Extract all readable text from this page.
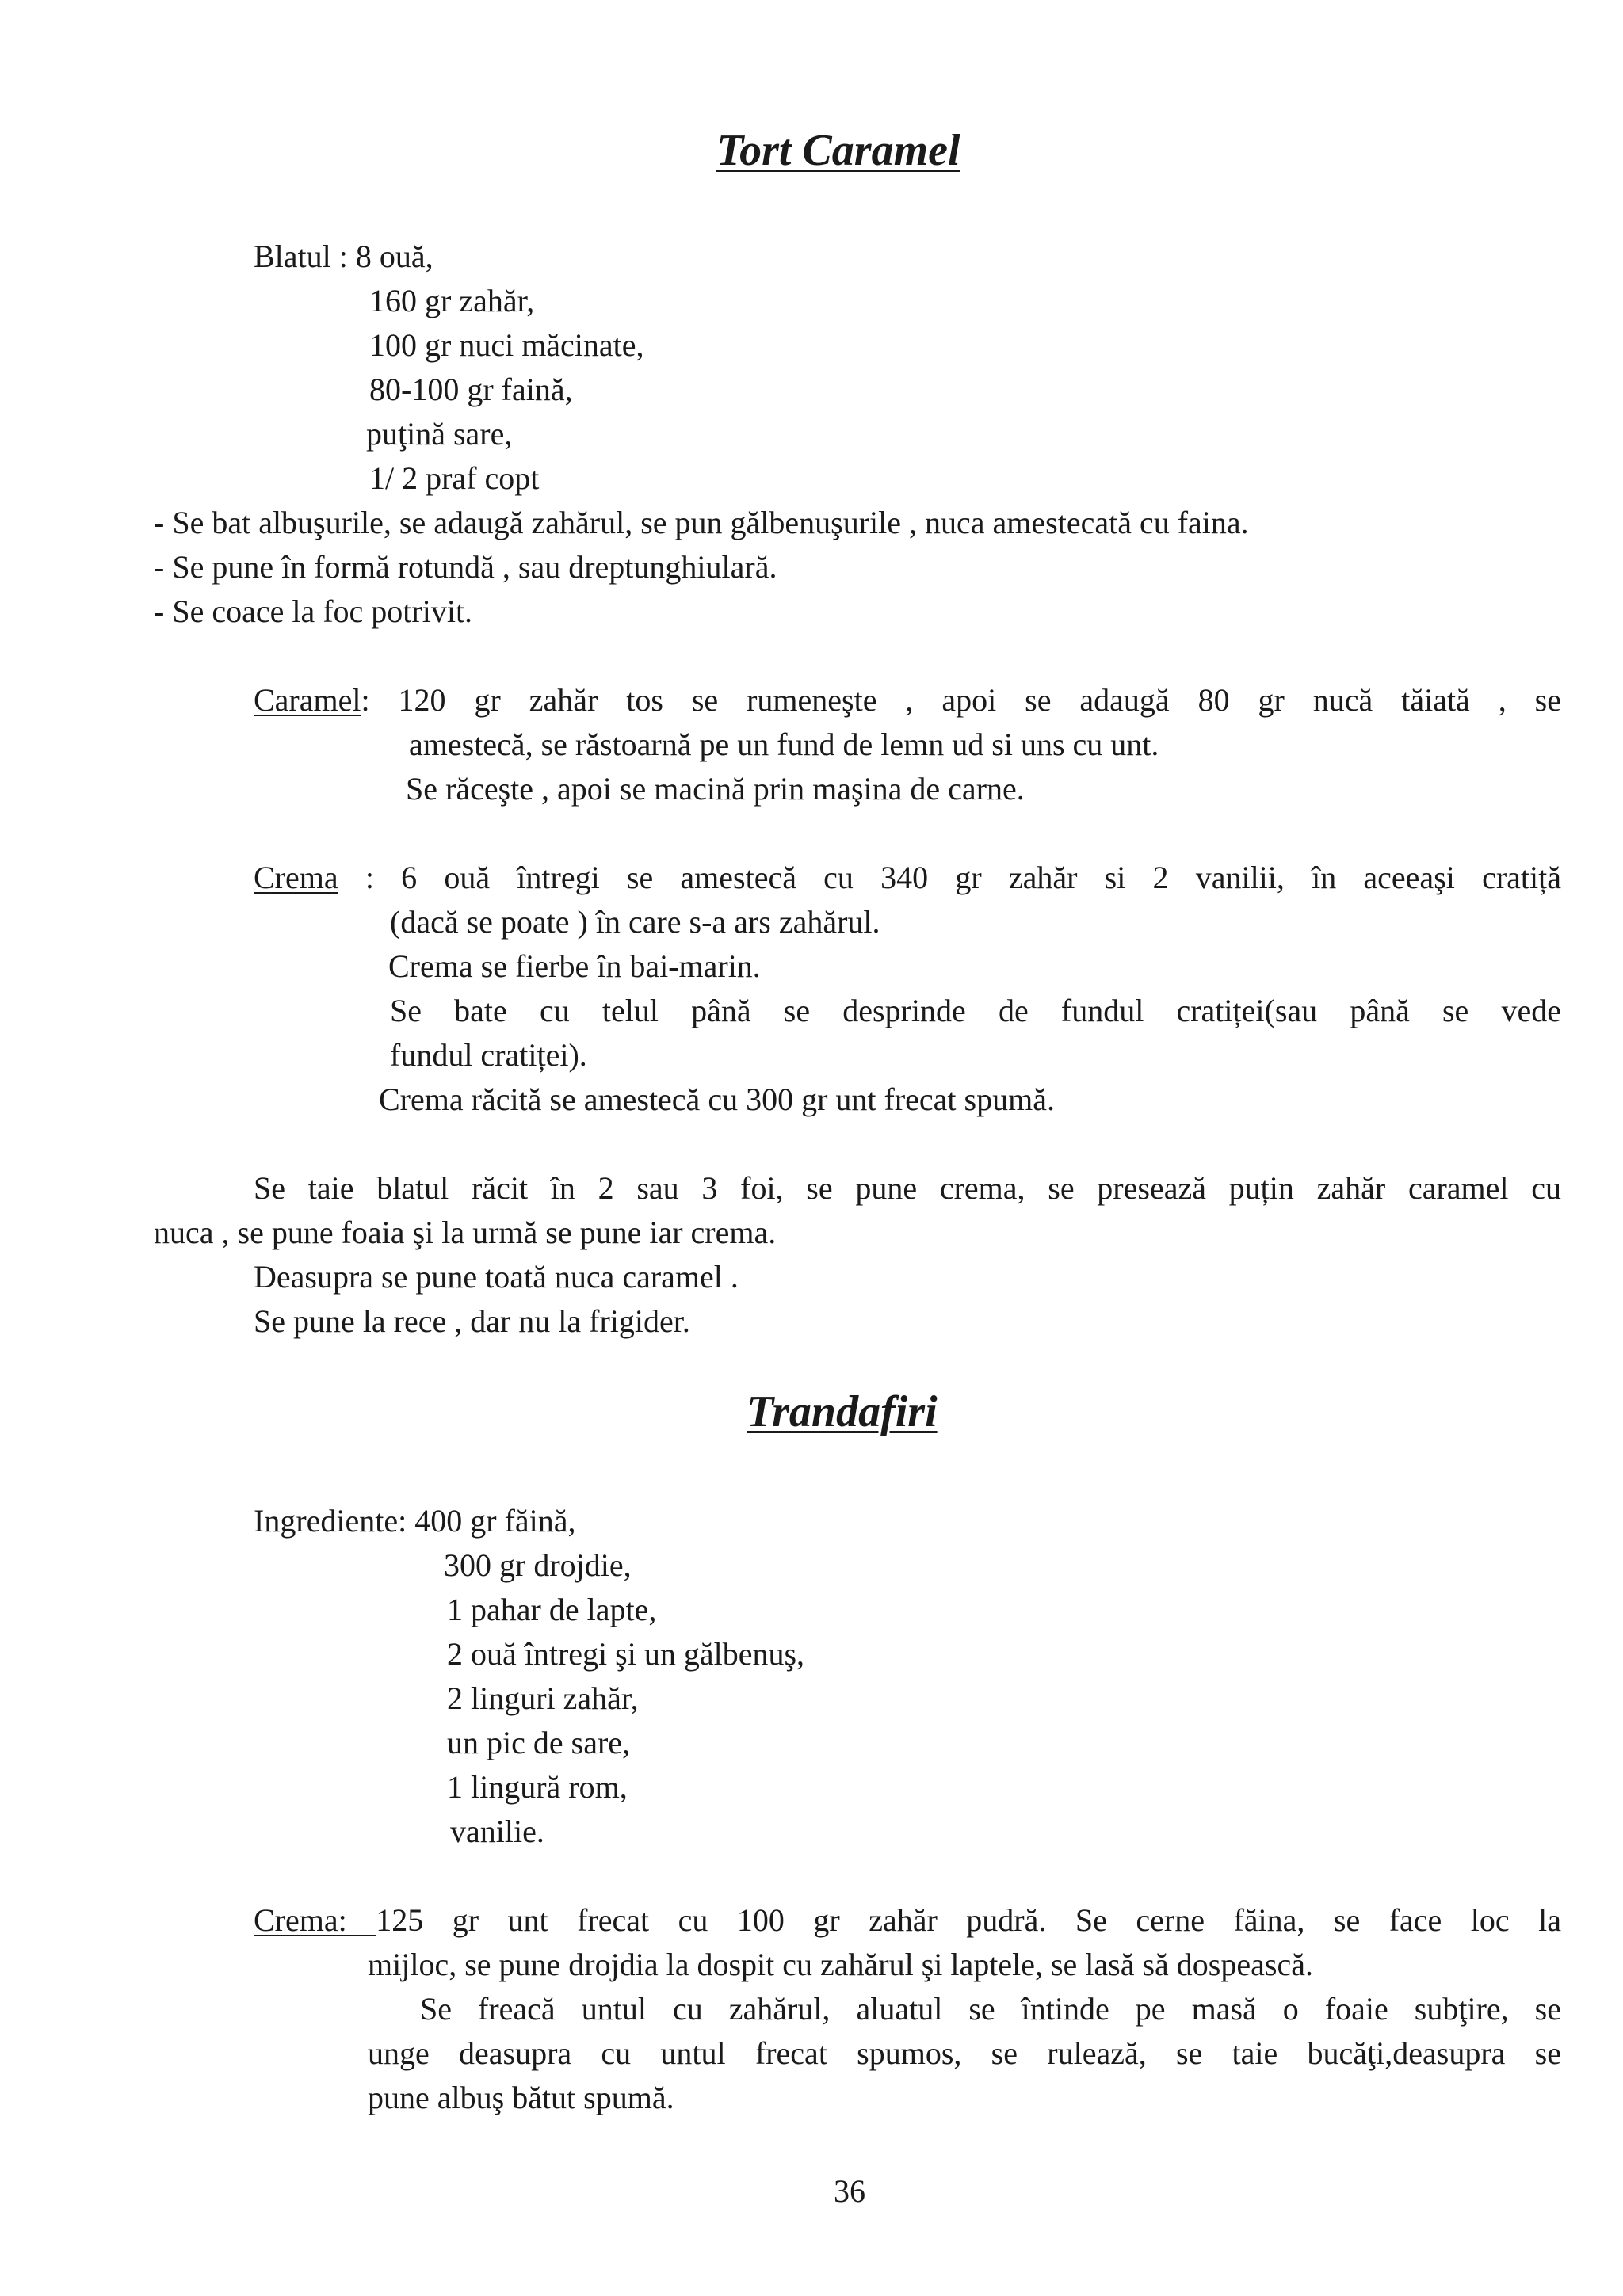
Tort Caramel
Blatul : 8 ouă,
160 gr zahăr,
100 gr nuci măcinate,
80-100 gr faină,
puţină sare,
1/ 2 praf copt
- Se bat albuşurile, se adaugă zahărul, se pun gălbenuşurile , nuca amestecată cu faina.
- Se pune în formă rotundă , sau dreptunghiulară.
- Se coace la foc potrivit.
Caramel: 120 gr zahăr tos se rumeneşte , apoi se adaugă 80 gr nucă tăiată , se
amestecă, se răstoarnă pe un fund de lemn ud si uns cu unt.
Se răceşte , apoi se macină prin maşina de carne.
Crema : 6 ouă întregi se amestecă cu 340 gr zahăr si 2 vanilii, în aceeaşi cratiță
(dacă se poate ) în care s-a ars zahărul.
Crema se fierbe în bai-marin.
Se bate cu telul până se desprinde de fundul cratiței(sau până se vede
fundul cratiței).
Crema răcită se amestecă cu 300 gr unt frecat spumă.
Se taie blatul răcit în 2 sau 3 foi, se pune crema, se presează puțin zahăr caramel cu
nuca , se pune foaia şi la urmă se pune iar crema.
Deasupra se pune toată nuca caramel .
Se pune la rece , dar nu la frigider.
Trandafiri
Ingrediente: 400 gr făină,
300 gr drojdie,
1 pahar de lapte,
2 ouă întregi şi un gălbenuş,
2 linguri zahăr,
un pic de sare,
1 lingură rom,
vanilie.
Crema: 125 gr unt frecat cu 100 gr zahăr pudră. Se cerne făina, se face loc la
mijloc, se pune drojdia la dospit cu zahărul şi laptele, se lasă să dospească.
Se freacă untul cu zahărul, aluatul se întinde pe masă o foaie subţire, se
unge deasupra cu untul frecat spumos, se rulează, se taie bucăţi,deasupra se
pune albuş bătut spumă.
36
